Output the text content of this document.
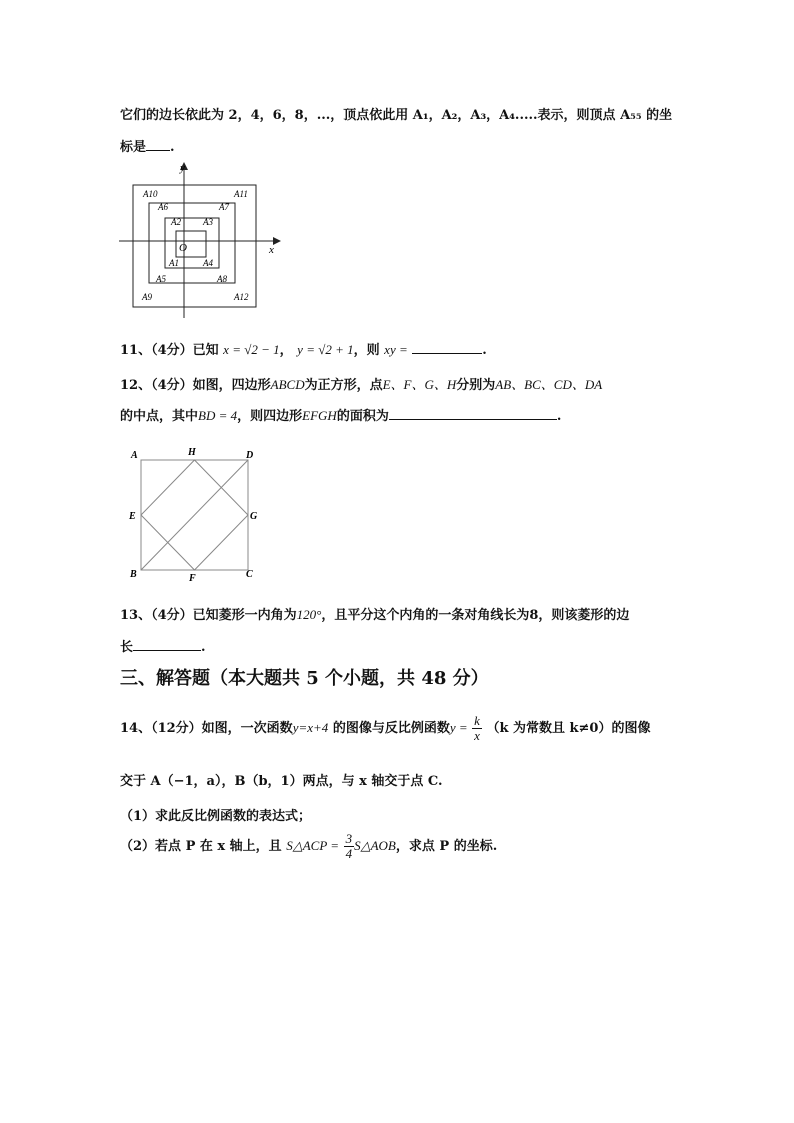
它们的边长依此为 2，4，6，8，...，顶点依此用 A₁，A₂，A₃，A₄.....表示，则顶点 A₅₅ 的坐
标是 .
y
x
O
A1
A2 A3
A4
A5
A6	A7
A8
A9
A10	A11
A12
11、（4分）已知 x = √2 − 1， y = √2 + 1，则 xy =	.
12、（4分）如图，四边形ABCD为正方形，点E、F、G、H分别为AB、BC、CD、DA
的中点，其中BD = 4，则四边形EFGH的面积为	.
A	H	D
E	G
B	F	C
13、（4分）已知菱形一内角为120°，且平分这个内角的一条对角线长为8，则该菱形的边
长	.
三、解答题（本大题共 5 个小题，共 48 分）
14、（12分）如图，一次函数y=x+4 的图像与反比例函数$y = \frac{k}{x} (k$ 为常数且 k≠0）的图像
交于 A（−1，a），B（b，1）两点，与 x 轴交于点 C.
（1）求此反比例函数的表达式；
（2）若点 P 在 x 轴上，且 S△ACP = $\frac{3}{4}$ S△AOB，求点 P 的坐标.
